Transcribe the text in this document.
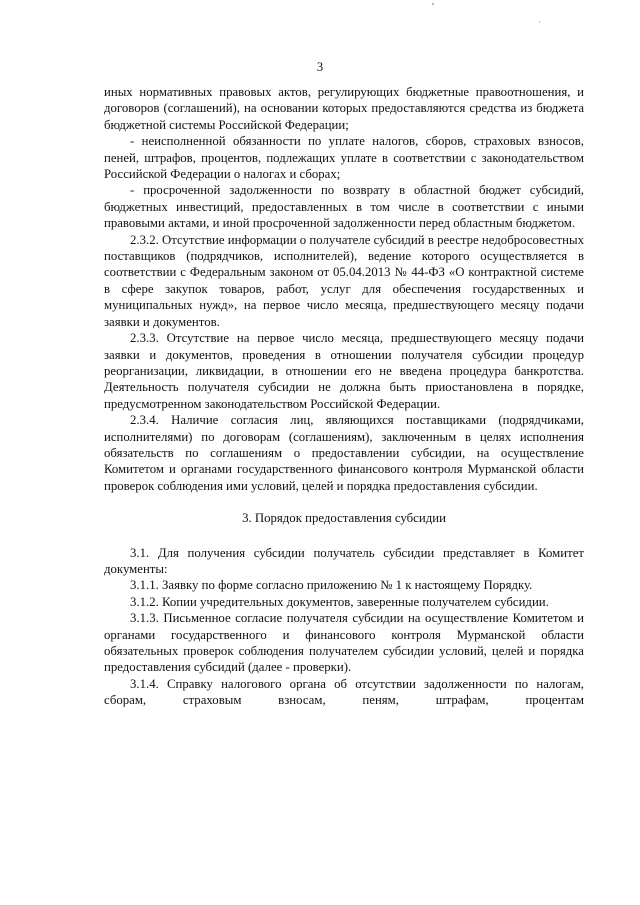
′
·
3

иных нормативных правовых актов, регулирующих бюджетные правоотношения, и договоров (соглашений), на основании которых предоставляются средства из бюджета бюджетной системы Российской Федерации;

- неисполненной обязанности по уплате налогов, сборов, страховых взносов, пеней, штрафов, процентов, подлежащих уплате в соответствии с законодательством Российской Федерации о налогах и сборах;

- просроченной задолженности по возврату в областной бюджет субсидий, бюджетных инвестиций, предоставленных в том числе в соответствии с иными правовыми актами, и иной просроченной задолженности перед областным бюджетом.

2.3.2. Отсутствие информации о получателе субсидий в реестре недобросовестных поставщиков (подрядчиков, исполнителей), ведение которого осуществляется в соответствии с Федеральным законом от 05.04.2013 № 44-ФЗ «О контрактной системе в сфере закупок товаров, работ, услуг для обеспечения государственных и муниципальных нужд», на первое число месяца, предшествующего месяцу подачи заявки и документов.

2.3.3. Отсутствие на первое число месяца, предшествующего месяцу подачи заявки и документов, проведения в отношении получателя субсидии процедур реорганизации, ликвидации, в отношении его не введена процедура банкротства. Деятельность получателя субсидии не должна быть приостановлена в порядке, предусмотренном законодательством Российской Федерации.

2.3.4. Наличие согласия лиц, являющихся поставщиками (подрядчиками, исполнителями) по договорам (соглашениям), заключенным в целях исполнения обязательств по соглашениям о предоставлении субсидии, на осуществление Комитетом и органами государственного финансового контроля Мурманской области проверок соблюдения ими условий, целей и порядка предоставления субсидии.

3. Порядок предоставления субсидии

3.1. Для получения субсидии получатель субсидии представляет в Комитет документы:

3.1.1. Заявку по форме согласно приложению № 1 к настоящему Порядку.

3.1.2. Копии учредительных документов, заверенные получателем субсидии.

3.1.3. Письменное согласие получателя субсидии на осуществление Комитетом и органами государственного и финансового контроля Мурманской области обязательных проверок соблюдения получателем субсидии условий, целей и порядка предоставления субсидий (далее - проверки).

3.1.4. Справку налогового органа об отсутствии задолженности по налогам, сборам, страховым взносам, пеням, штрафам, процентам
